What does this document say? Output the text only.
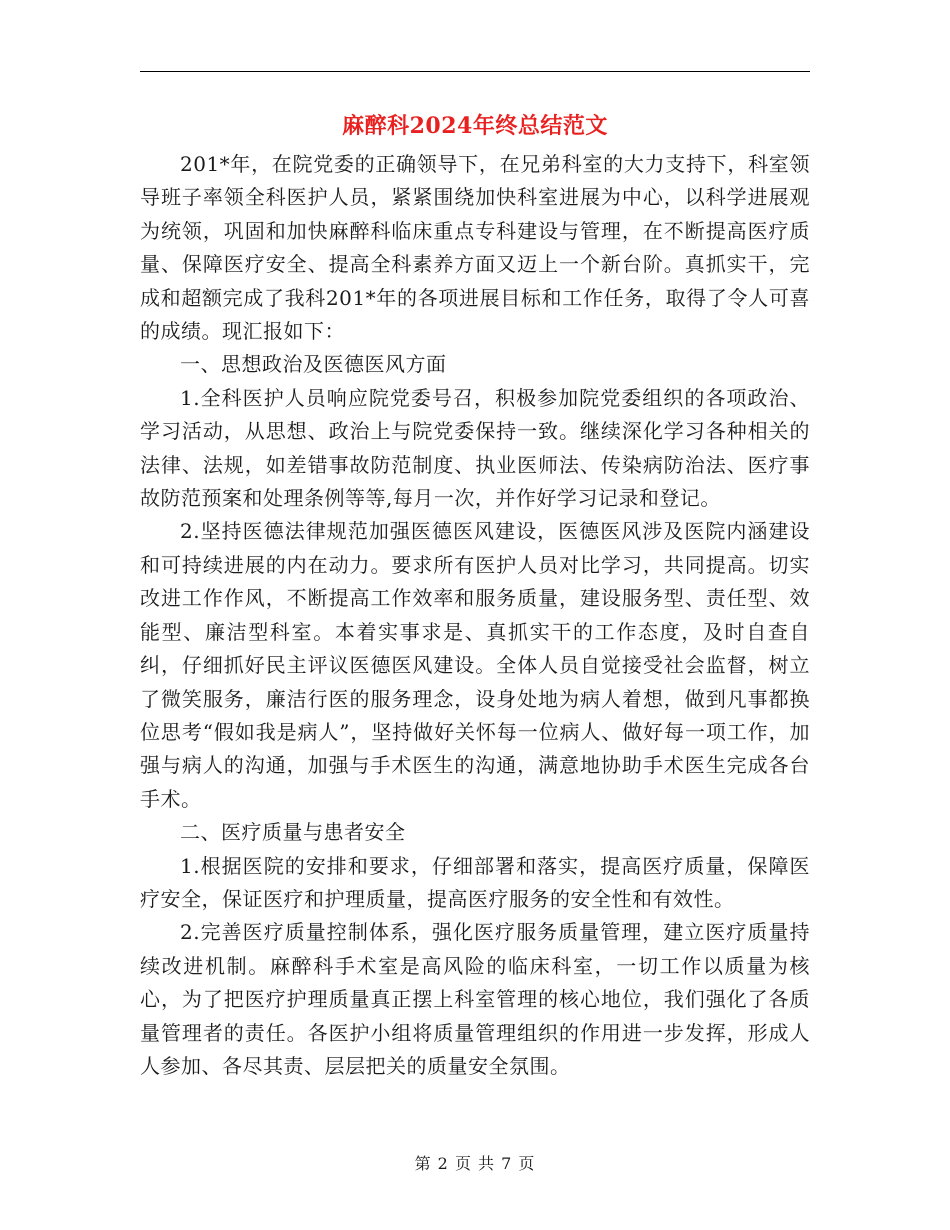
麻醉科2024年终总结范文

201*年，在院党委的正确领导下，在兄弟科室的大力支持下，科室领导班子率领全科医护人员，紧紧围绕加快科室进展为中心，以科学进展观为统领，巩固和加快麻醉科临床重点专科建设与管理，在不断提高医疗质量、保障医疗安全、提高全科素养方面又迈上一个新台阶。真抓实干，完成和超额完成了我科201*年的各项进展目标和工作任务，取得了令人可喜的成绩。现汇报如下：

一、思想政治及医德医风方面

1.全科医护人员响应院党委号召，积极参加院党委组织的各项政治、学习活动，从思想、政治上与院党委保持一致。继续深化学习各种相关的法律、法规，如差错事故防范制度、执业医师法、传染病防治法、医疗事故防范预案和处理条例等等,每月一次，并作好学习记录和登记。

2.坚持医德法律规范加强医德医风建设，医德医风涉及医院内涵建设和可持续进展的内在动力。要求所有医护人员对比学习，共同提高。切实改进工作作风，不断提高工作效率和服务质量，建设服务型、责任型、效能型、廉洁型科室。本着实事求是、真抓实干的工作态度，及时自查自纠，仔细抓好民主评议医德医风建设。全体人员自觉接受社会监督，树立了微笑服务，廉洁行医的服务理念，设身处地为病人着想，做到凡事都换位思考“假如我是病人”，坚持做好关怀每一位病人、做好每一项工作，加强与病人的沟通，加强与手术医生的沟通，满意地协助手术医生完成各台手术。

二、医疗质量与患者安全

1.根据医院的安排和要求，仔细部署和落实，提高医疗质量，保障医疗安全，保证医疗和护理质量，提高医疗服务的安全性和有效性。

2.完善医疗质量控制体系，强化医疗服务质量管理，建立医疗质量持续改进机制。麻醉科手术室是高风险的临床科室，一切工作以质量为核心，为了把医疗护理质量真正摆上科室管理的核心地位，我们强化了各质量管理者的责任。各医护小组将质量管理组织的作用进一步发挥，形成人人参加、各尽其责、层层把关的质量安全氛围。

第 2 页 共 7 页
